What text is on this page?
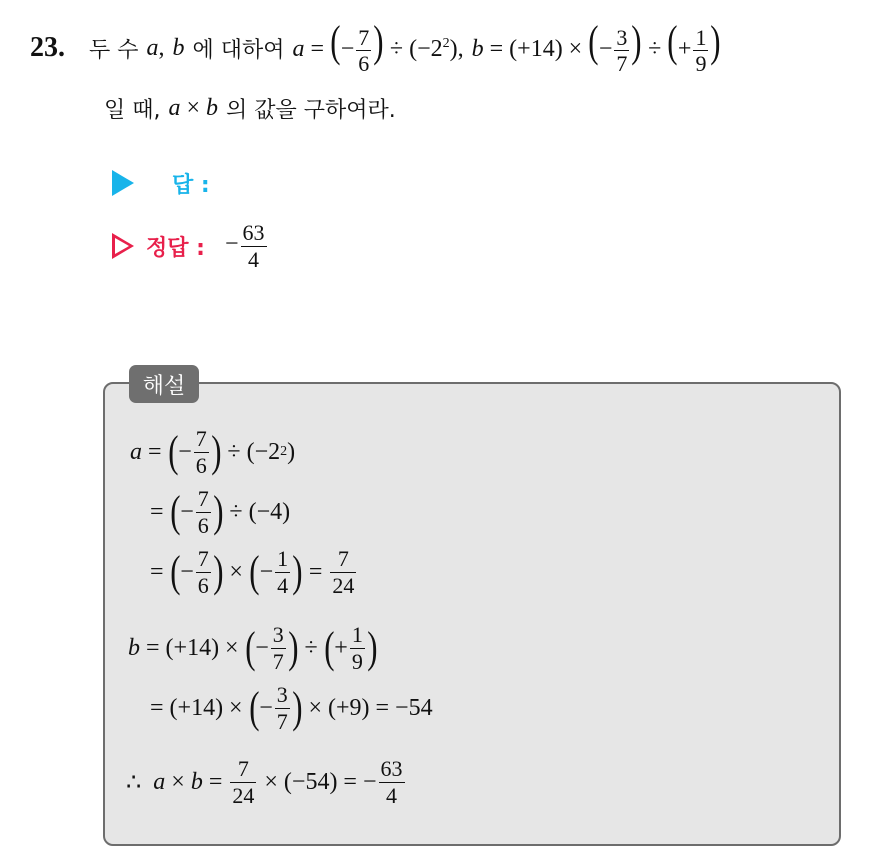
23. 두 수 a, b 에 대하여 a = (− $\frac{7}{6}$ ) ÷ $(-2^2)$, b = (+14) × (− $\frac{3}{7}$ ) ÷ (+ $\frac{1}{9}$ )
일 때, a × b 의 값을 구하여라.
답 :
정답 : − $\frac{63}{4}$
해설
a = ( − $\frac{7}{6}$ ) ÷ (−2 2 )
= ( − $\frac{7}{6}$ )
÷ (−4)
= ( − $\frac{7}{6}$ ) × ( − $\frac{1}{4}$ ) = $\frac{7}{24}$
b = (+14) × ( − $\frac{3}{7}$ ) ÷ ( + $\frac{1}{9}$ )
= (+14) × ( − $\frac{3}{7}$ )
× (+9) = −54
∴
$a \times b = \frac{7}{24}$
× (−54) = − $\frac{63}{4}$
